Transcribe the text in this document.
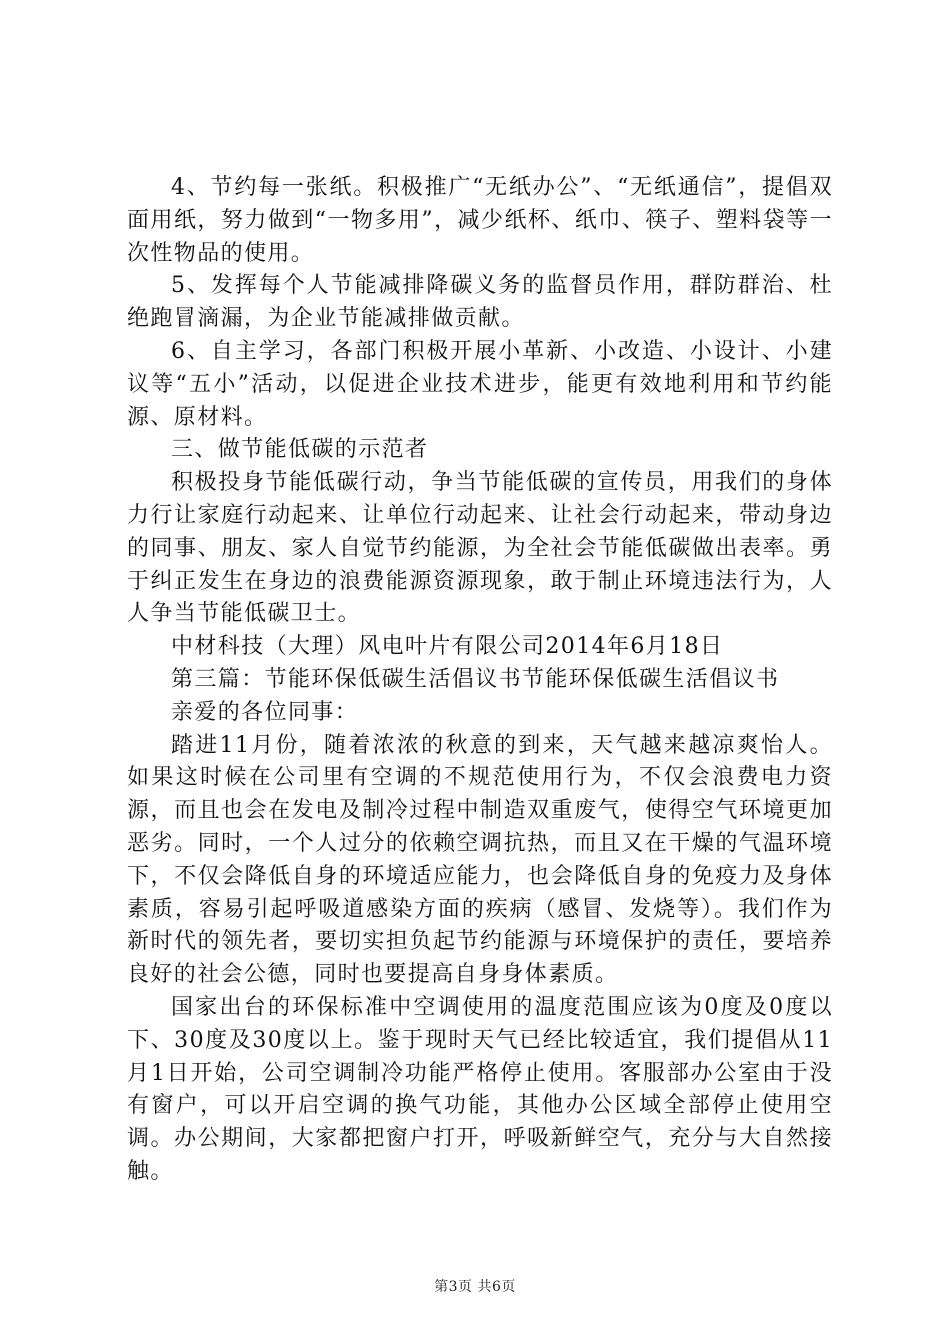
4、节约每一张纸。积极推广“无纸办公”、“无纸通信”，提倡双面用纸，努力做到“一物多用”，减少纸杯、纸巾、筷子、塑料袋等一次性物品的使用。

5、发挥每个人节能减排降碳义务的监督员作用，群防群治、杜绝跑冒滴漏，为企业节能减排做贡献。

6、自主学习，各部门积极开展小革新、小改造、小设计、小建议等“五小”活动，以促进企业技术进步，能更有效地利用和节约能源、原材料。

三、做节能低碳的示范者

积极投身节能低碳行动，争当节能低碳的宣传员，用我们的身体力行让家庭行动起来、让单位行动起来、让社会行动起来，带动身边的同事、朋友、家人自觉节约能源，为全社会节能低碳做出表率。勇于纠正发生在身边的浪费能源资源现象，敢于制止环境违法行为，人人争当节能低碳卫士。

中材科技（大理）风电叶片有限公司2014年6月18日

第三篇：节能环保低碳生活倡议书节能环保低碳生活倡议书

亲爱的各位同事：

踏进11月份，随着浓浓的秋意的到来，天气越来越凉爽怡人。如果这时候在公司里有空调的不规范使用行为，不仅会浪费电力资源，而且也会在发电及制冷过程中制造双重废气，使得空气环境更加恶劣。同时，一个人过分的依赖空调抗热，而且又在干燥的气温环境下，不仅会降低自身的环境适应能力，也会降低自身的免疫力及身体素质，容易引起呼吸道感染方面的疾病（感冒、发烧等）。我们作为新时代的领先者，要切实担负起节约能源与环境保护的责任，要培养良好的社会公德，同时也要提高自身身体素质。

国家出台的环保标准中空调使用的温度范围应该为0度及0度以下、30度及30度以上。鉴于现时天气已经比较适宜，我们提倡从11月1日开始，公司空调制冷功能严格停止使用。客服部办公室由于没有窗户，可以开启空调的换气功能，其他办公区域全部停止使用空调。办公期间，大家都把窗户打开，呼吸新鲜空气，充分与大自然接触。

第3页 共6页
